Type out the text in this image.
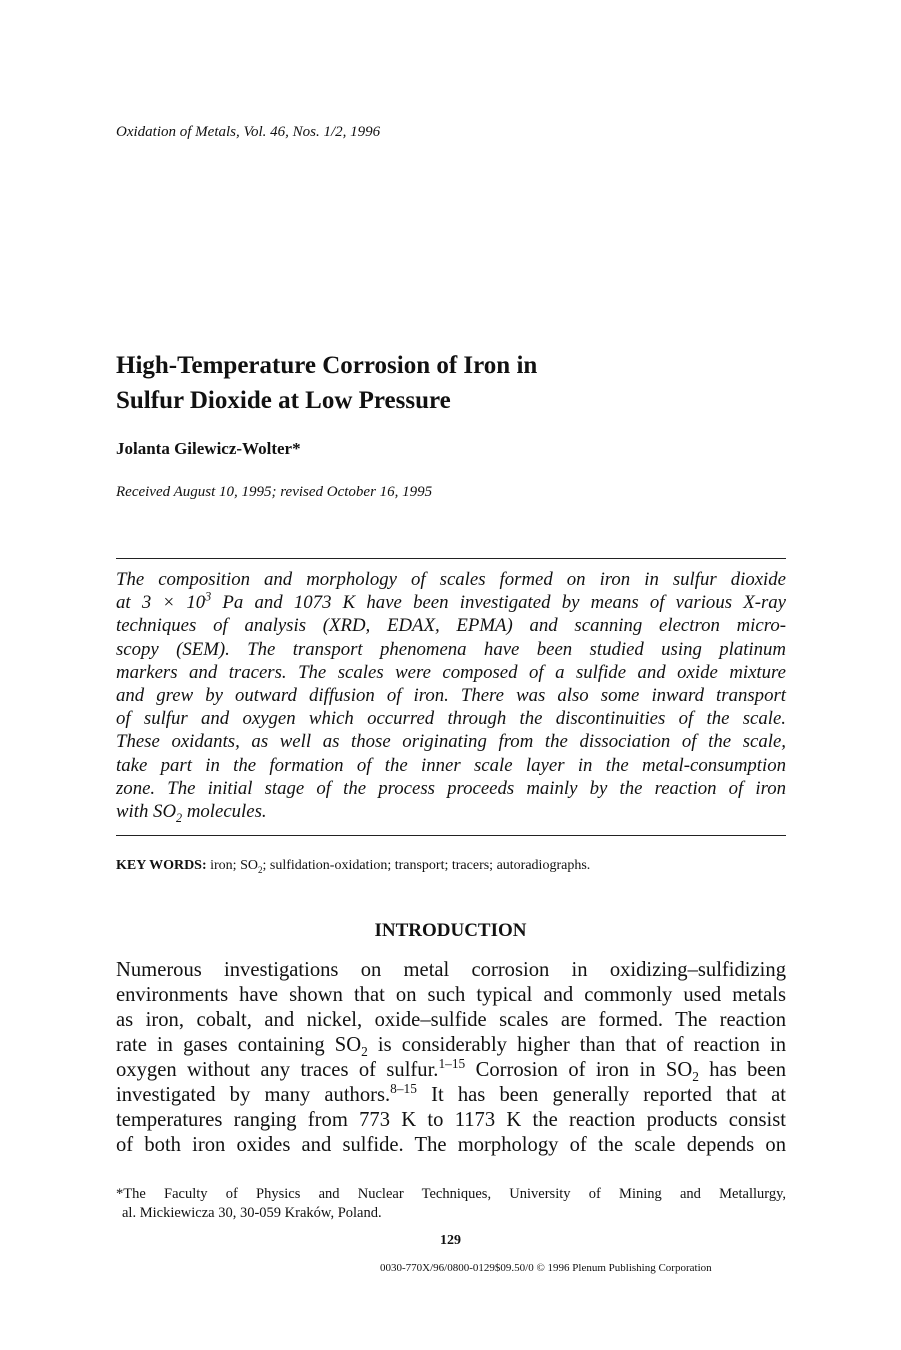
Oxidation of Metals, Vol. 46, Nos. 1/2, 1996
High-Temperature Corrosion of Iron in
Sulfur Dioxide at Low Pressure
Jolanta Gilewicz-Wolter*
Received August 10, 1995; revised October 16, 1995

The composition and morphology of scales formed on iron in sulfur dioxide
at $3 \times 10^3$ Pa and 1073 K have been investigated by means of various X-ray
techniques of analysis (XRD, EDAX, EPMA) and scanning electron micro-
scopy (SEM). The transport phenomena have been studied using platinum
markers and tracers. The scales were composed of a sulfide and oxide mixture
and grew by outward diffusion of iron. There was also some inward transport
of sulfur and oxygen which occurred through the discontinuities of the scale.
These oxidants, as well as those originating from the dissociation of the scale,
take part in the formation of the inner scale layer in the metal-consumption
zone. The initial stage of the process proceeds mainly by the reaction of iron
with $SO_2$ molecules.

KEY WORDS: iron; $SO_2$; sulfidation-oxidation; transport; tracers; autoradiographs.
INTRODUCTION

Numerous investigations on metal corrosion in oxidizing–sulfidizing
environments have shown that on such typical and commonly used metals
as iron, cobalt, and nickel, oxide–sulfide scales are formed. The reaction
rate in gases containing $SO_2$ is considerably higher than that of reaction in
oxygen without any traces of sulfur.$^{1-15}$ Corrosion of iron in $SO_2$ has been
investigated by many authors.$^{8-15}$ It has been generally reported that at
temperatures ranging from 773 K to 1173 K the reaction products consist
of both iron oxides and sulfide. The morphology of the scale depends on

*The Faculty of Physics and Nuclear Techniques, University of Mining and Metallurgy,
al. Mickiewicza 30, 30-059 Kraków, Poland.

129
0030-770X/96/0800-0129$09.50/0 © 1996 Plenum Publishing Corporation
